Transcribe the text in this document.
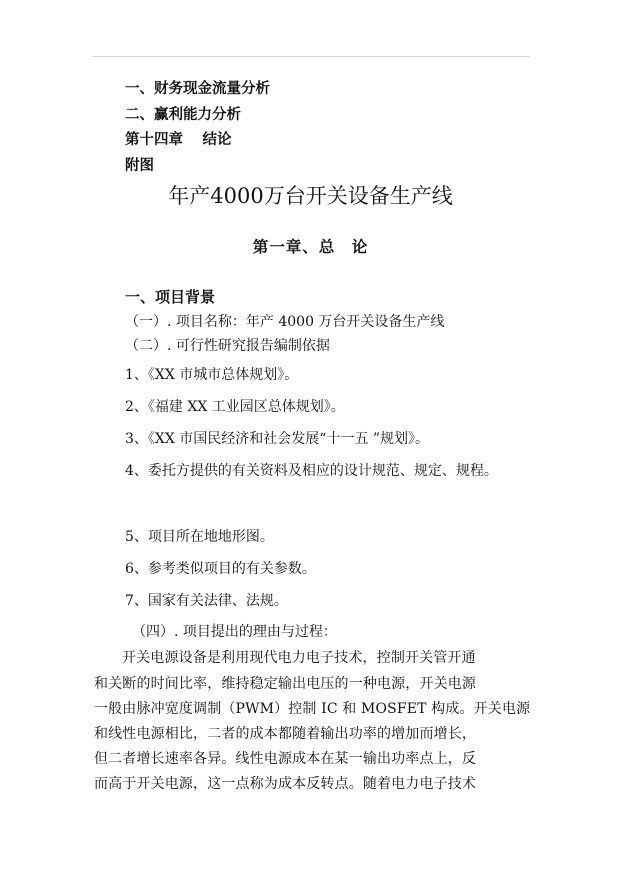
一、财务现金流量分析
二、赢利能力分析
第十四章　 结论
附图
年产4000万台开关设备生产线
第一章、总　论
一、项目背景
（一）. 项目名称：年产 4000 万台开关设备生产线
（二）. 可行性研究报告编制依据
1、《XX 市城市总体规划》。
2、《福建 XX 工业园区总体规划》。
3、《XX 市国民经济和社会发展“十一五 ”规划》。
4、委托方提供的有关资料及相应的设计规范、规定、规程。
5、项目所在地地形图。
6、参考类似项目的有关参数。
7、国家有关法律、法规。
（四）. 项目提出的理由与过程：
开关电源设备是利用现代电力电子技术，控制开关管开通
和关断的时间比率，维持稳定输出电压的一种电源，开关电源
一般由脉冲宽度调制（PWM）控制 IC 和 MOSFET 构成。开关电源
和线性电源相比，二者的成本都随着输出功率的增加而增长，
但二者增长速率各异。线性电源成本在某一输出功率点上，反
而高于开关电源，这一点称为成本反转点。随着电力电子技术
